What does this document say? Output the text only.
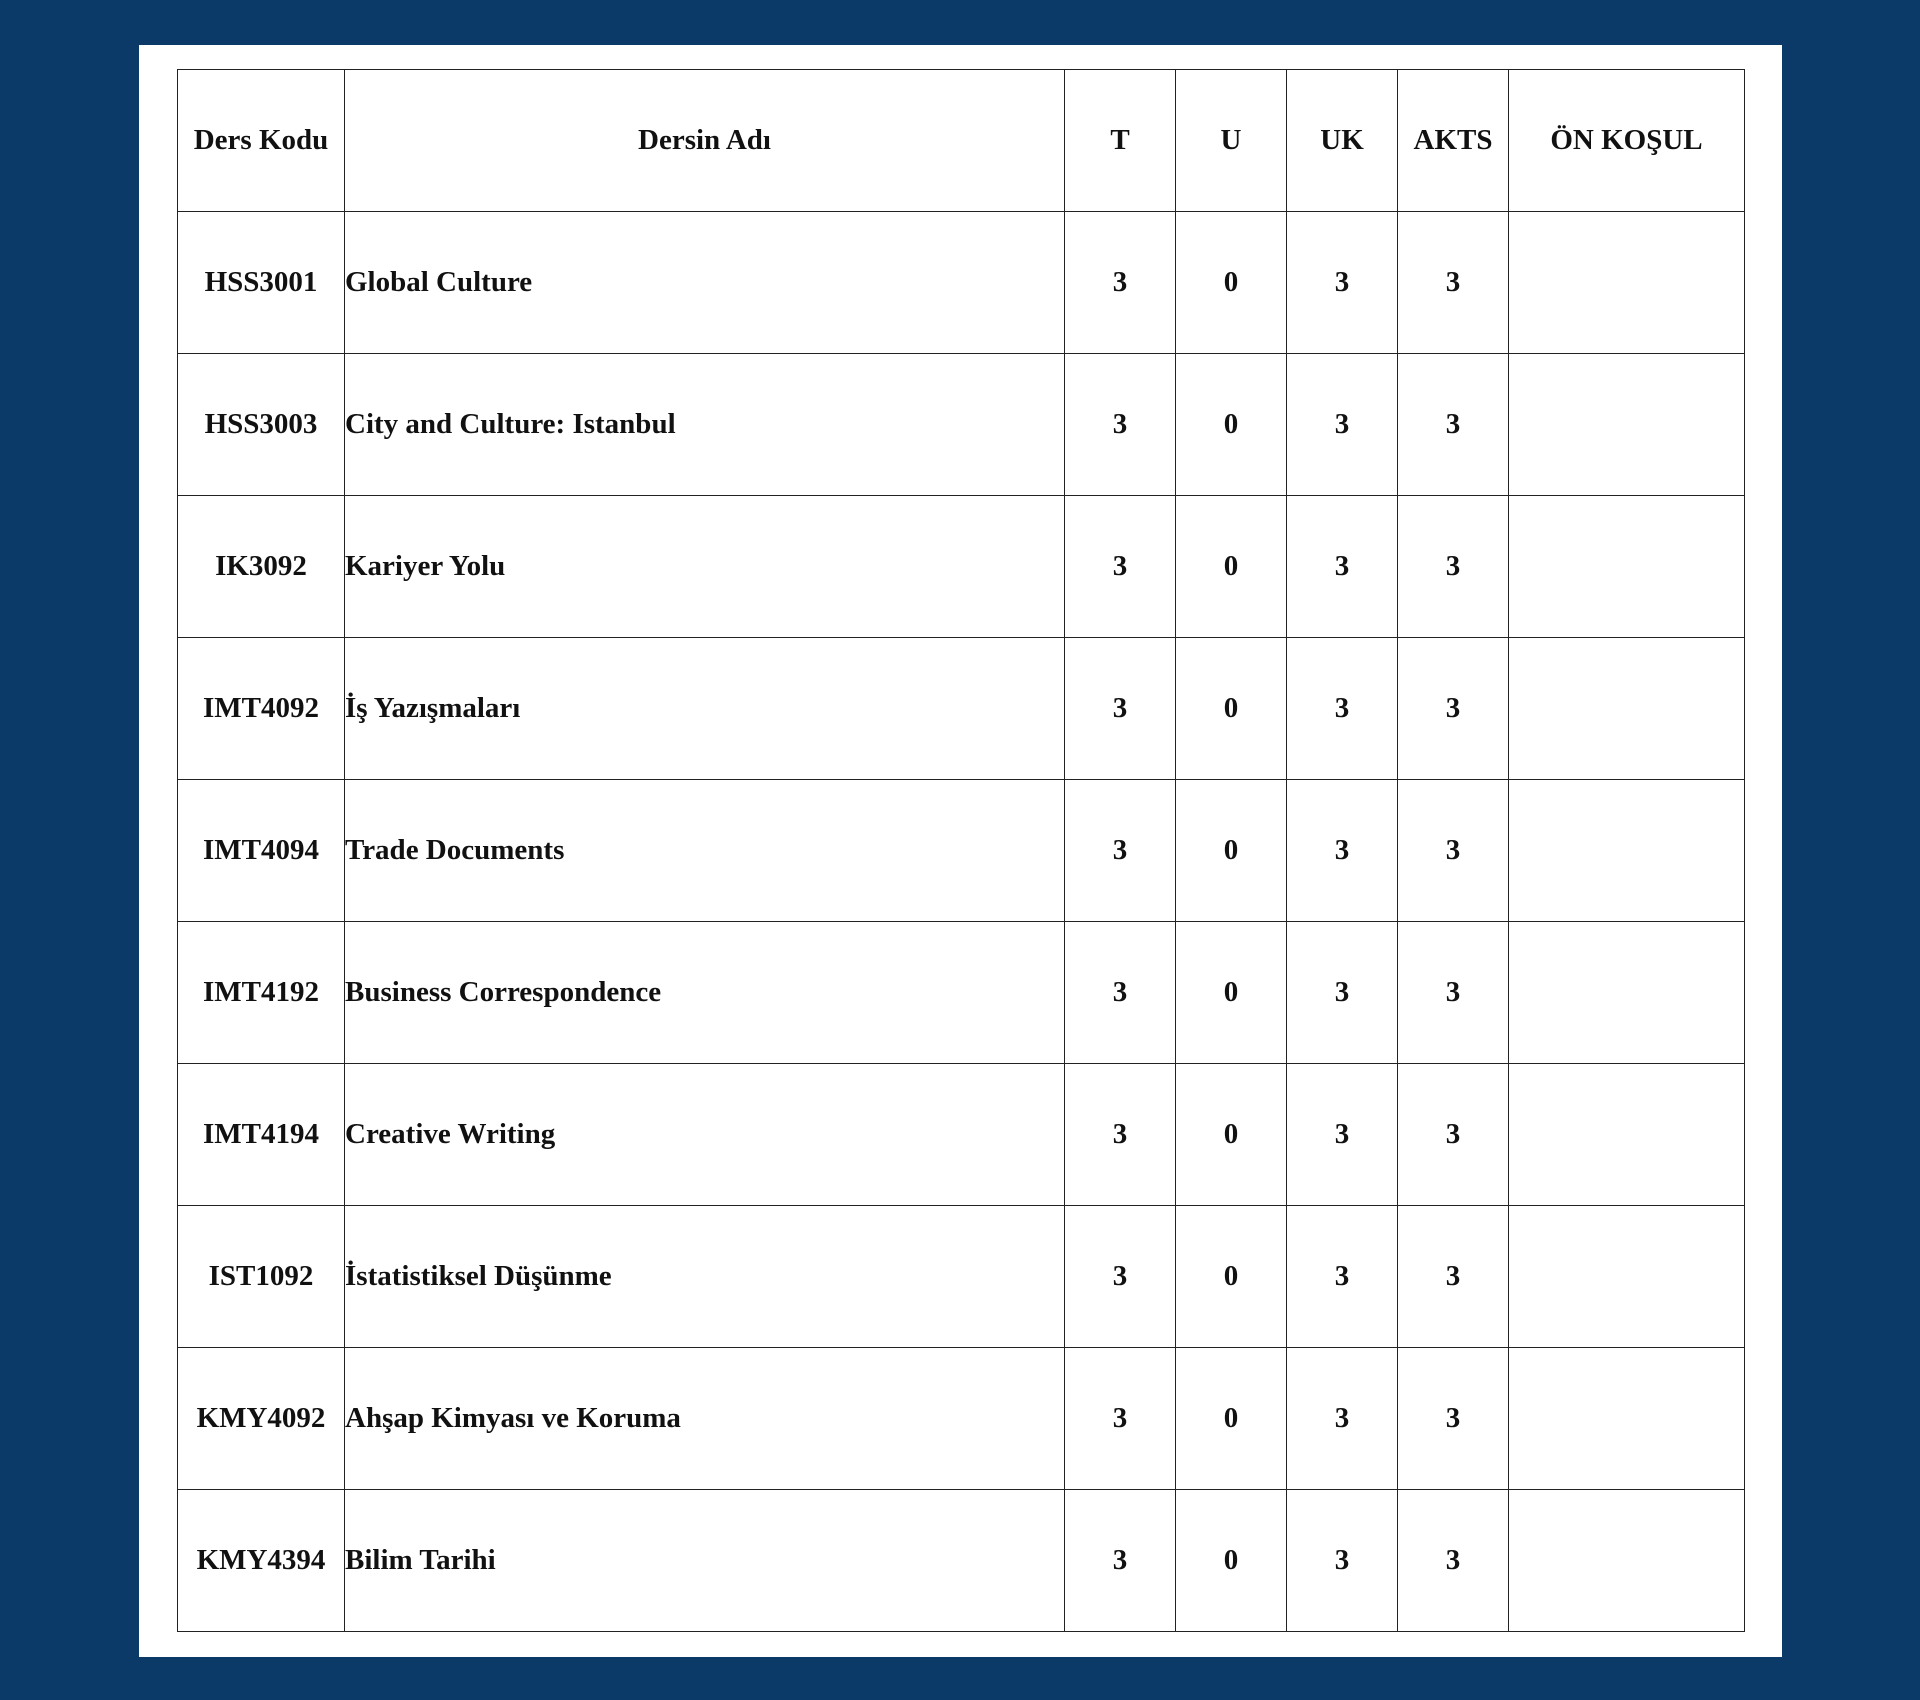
Ders Kodu	Dersin Adı	T	U	UK	AKTS	ÖN KOŞUL
HSS3001	Global Culture	3	0	3	3	
HSS3003	City and Culture: Istanbul	3	0	3	3	
IK3092	Kariyer Yolu	3	0	3	3	
IMT4092	İş Yazışmaları	3	0	3	3	
IMT4094	Trade Documents	3	0	3	3	
IMT4192	Business Correspondence	3	0	3	3	
IMT4194	Creative Writing	3	0	3	3	
IST1092	İstatistiksel Düşünme	3	0	3	3	
KMY4092	Ahşap Kimyası ve Koruma	3	0	3	3	
KMY4394	Bilim Tarihi	3	0	3	3	
